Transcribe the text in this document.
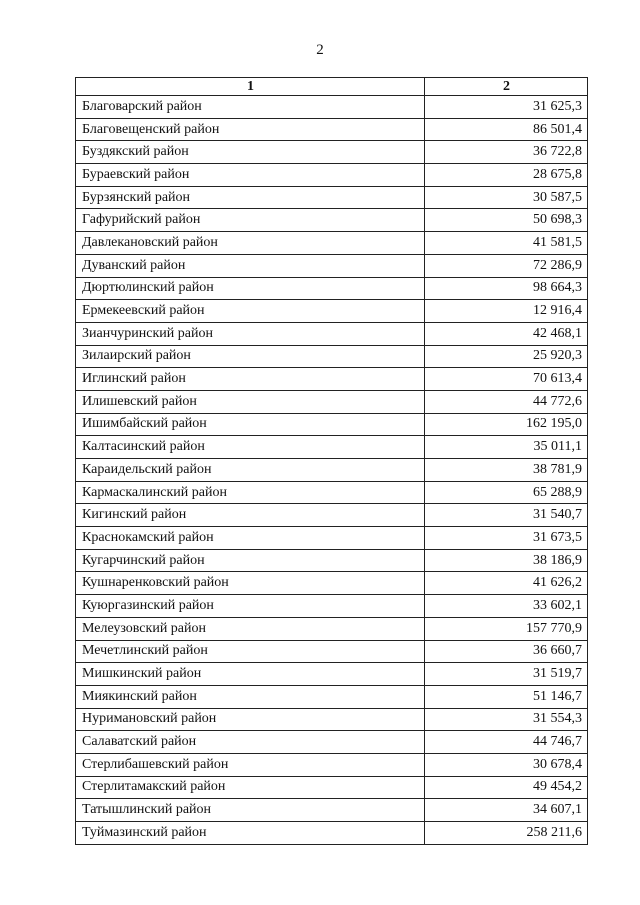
2
1	2
Благоварский район	31 625,3
Благовещенский район	86 501,4
Буздякский район	36 722,8
Бураевский район	28 675,8
Бурзянский район	30 587,5
Гафурийский район	50 698,3
Давлекановский район	41 581,5
Дуванский район	72 286,9
Дюртюлинский район	98 664,3
Ермекеевский район	12 916,4
Зианчуринский район	42 468,1
Зилаирский район	25 920,3
Иглинский район	70 613,4
Илишевский район	44 772,6
Ишимбайский район	162 195,0
Калтасинский район	35 011,1
Караидельский район	38 781,9
Кармаскалинский район	65 288,9
Кигинский район	31 540,7
Краснокамский район	31 673,5
Кугарчинский район	38 186,9
Кушнаренковский район	41 626,2
Куюргазинский район	33 602,1
Мелеузовский район	157 770,9
Мечетлинский район	36 660,7
Мишкинский район	31 519,7
Миякинский район	51 146,7
Нуримановский район	31 554,3
Салаватский район	44 746,7
Стерлибашевский район	30 678,4
Стерлитамакский район	49 454,2
Татышлинский район	34 607,1
Туймазинский район	258 211,6
